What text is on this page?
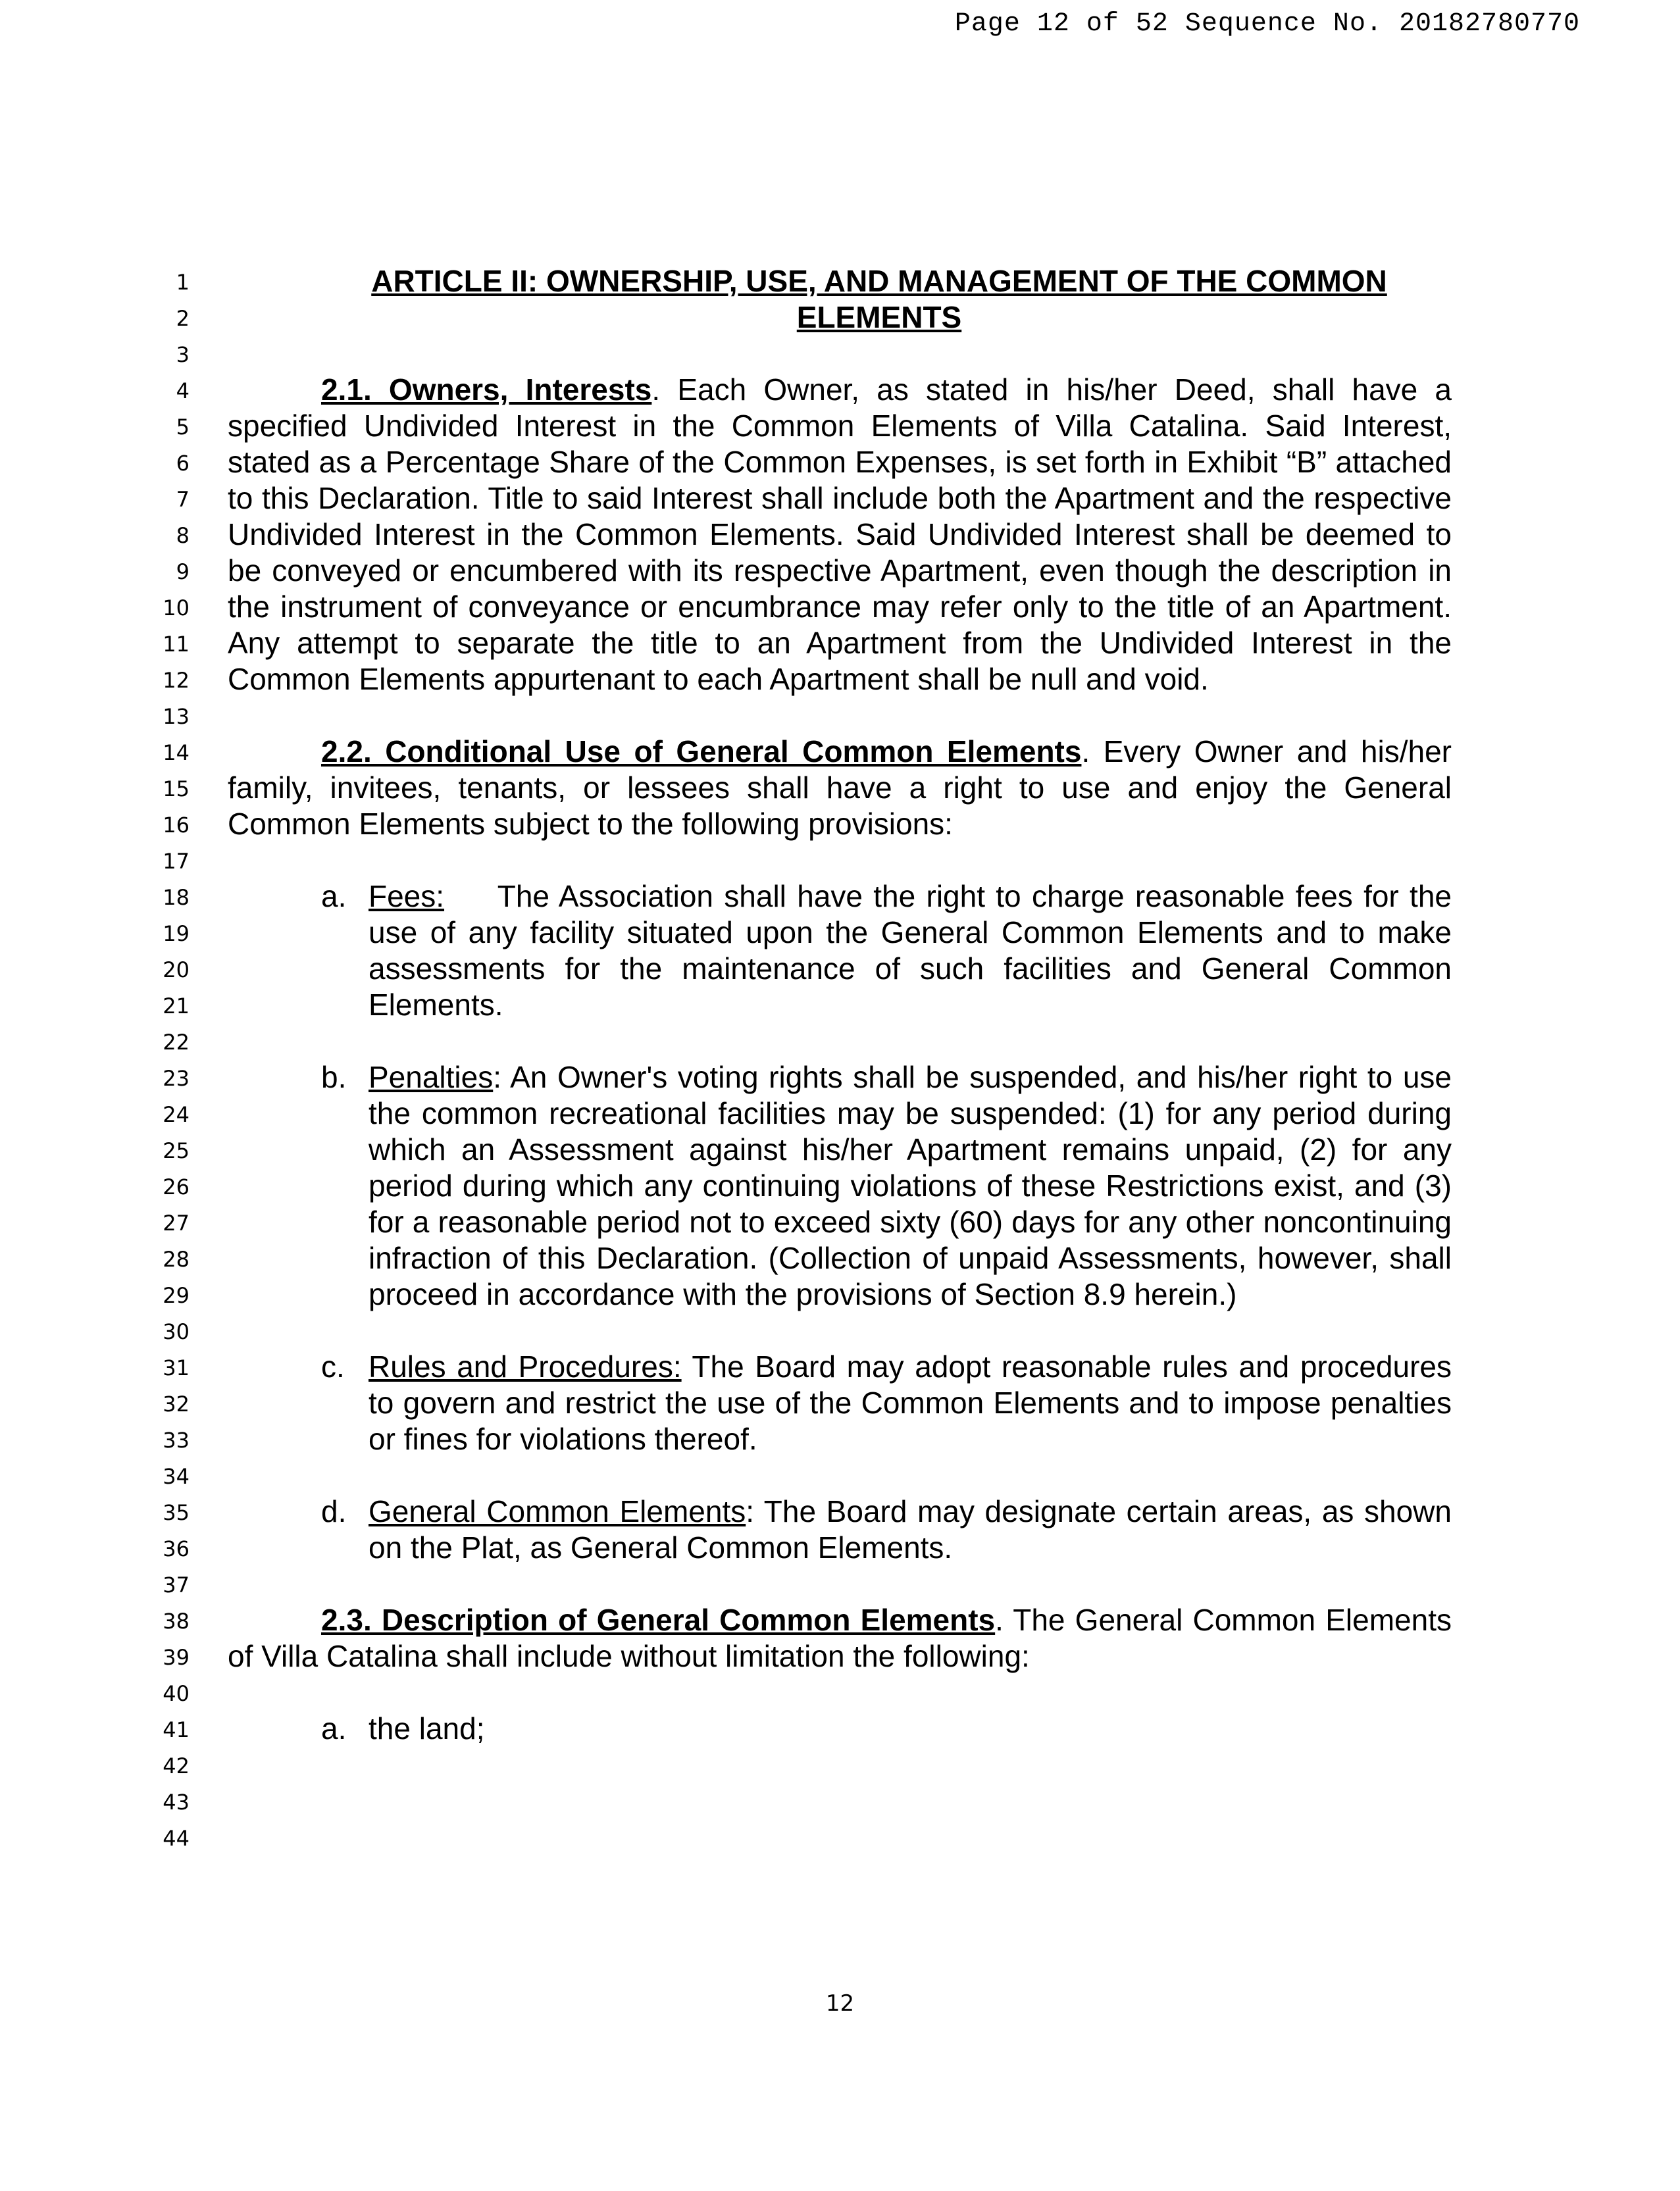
Page 12 of 52 Sequence No. 20182780770
1
2
3
4
5
6
7
8
9
10
11
12
13
14
15
16
17
18
19
20
21
22
23
24
25
26
27
28
29
30
31
32
33
34
35
36
37
38
39
40
41
42
43
44
ARTICLE II: OWNERSHIP, USE, AND MANAGEMENT OF THE COMMON
ELEMENTS

2.1. Owners, Interests. Each Owner, as stated in his/her Deed, shall have a specified Undivided Interest in the Common Elements of Villa Catalina. Said Interest, stated as a Percentage Share of the Common Expenses, is set forth in Exhibit “B” attached to this Declaration. Title to said Interest shall include both the Apartment and the respective Undivided Interest in the Common Elements. Said Undivided Interest shall be deemed to be conveyed or encumbered with its respective Apartment, even though the description in the instrument of conveyance or encumbrance may refer only to the title of an Apartment. Any attempt to separate the title to an Apartment from the Undivided Interest in the Common Elements appurtenant to each Apartment shall be null and void.

2.2. Conditional Use of General Common Elements. Every Owner and his/her family, invitees, tenants, or lessees shall have a right to use and enjoy the General Common Elements subject to the following provisions:

a. Fees:     The Association shall have the right to charge reasonable fees for the use of any facility situated upon the General Common Elements and to make assessments for the maintenance of such facilities and General Common Elements.
b. Penalties: An Owner's voting rights shall be suspended, and his/her right to use the common recreational facilities may be suspended: (1) for any period during which an Assessment against his/her Apartment remains unpaid, (2) for any period during which any continuing violations of these Restrictions exist, and (3) for a reasonable period not to exceed sixty (60) days for any other noncontinuing infraction of this Declaration. (Collection of unpaid Assessments, however, shall proceed in accordance with the provisions of Section 8.9 herein.)
c. Rules and Procedures: The Board may adopt reasonable rules and procedures to govern and restrict the use of the Common Elements and to impose penalties or fines for violations thereof.
d. General Common Elements: The Board may designate certain areas, as shown on the Plat, as General Common Elements.

2.3. Description of General Common Elements. The General Common Elements of Villa Catalina shall include without limitation the following:

a. the land;
12
